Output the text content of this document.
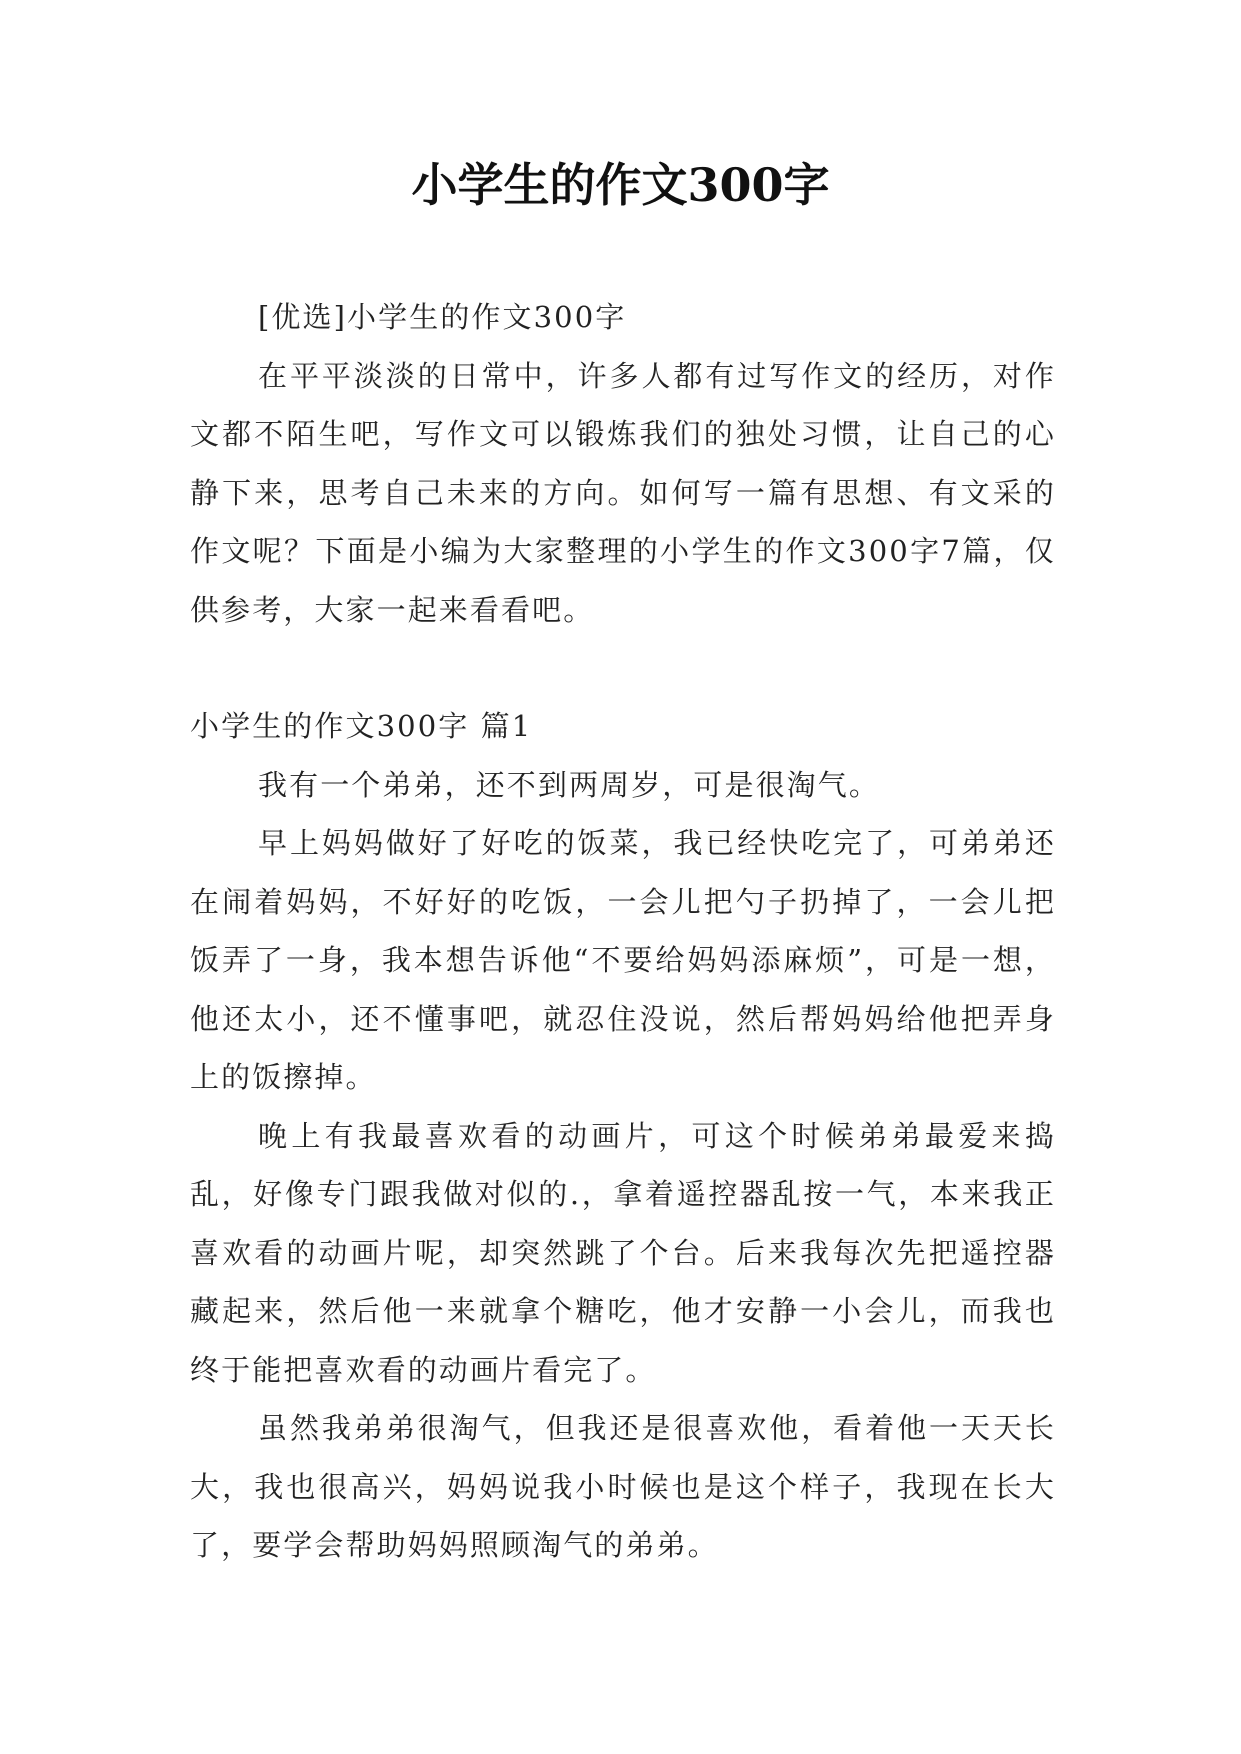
小学生的作文300字

[优选]小学生的作文300字

在平平淡淡的日常中，许多人都有过写作文的经历，对作文都不陌生吧，写作文可以锻炼我们的独处习惯，让自己的心静下来，思考自己未来的方向。如何写一篇有思想、有文采的作文呢？下面是小编为大家整理的小学生的作文300字7篇，仅供参考，大家一起来看看吧。

小学生的作文300字 篇1

我有一个弟弟，还不到两周岁，可是很淘气。

早上妈妈做好了好吃的饭菜，我已经快吃完了，可弟弟还在闹着妈妈，不好好的吃饭，一会儿把勺子扔掉了，一会儿把饭弄了一身，我本想告诉他“不要给妈妈添麻烦”，可是一想，他还太小，还不懂事吧，就忍住没说，然后帮妈妈给他把弄身上的饭擦掉。

晚上有我最喜欢看的动画片，可这个时候弟弟最爱来捣乱，好像专门跟我做对似的.，拿着遥控器乱按一气，本来我正喜欢看的动画片呢，却突然跳了个台。后来我每次先把遥控器藏起来，然后他一来就拿个糖吃，他才安静一小会儿，而我也终于能把喜欢看的动画片看完了。

虽然我弟弟很淘气，但我还是很喜欢他，看着他一天天长大，我也很高兴，妈妈说我小时候也是这个样子，我现在长大了，要学会帮助妈妈照顾淘气的弟弟。
